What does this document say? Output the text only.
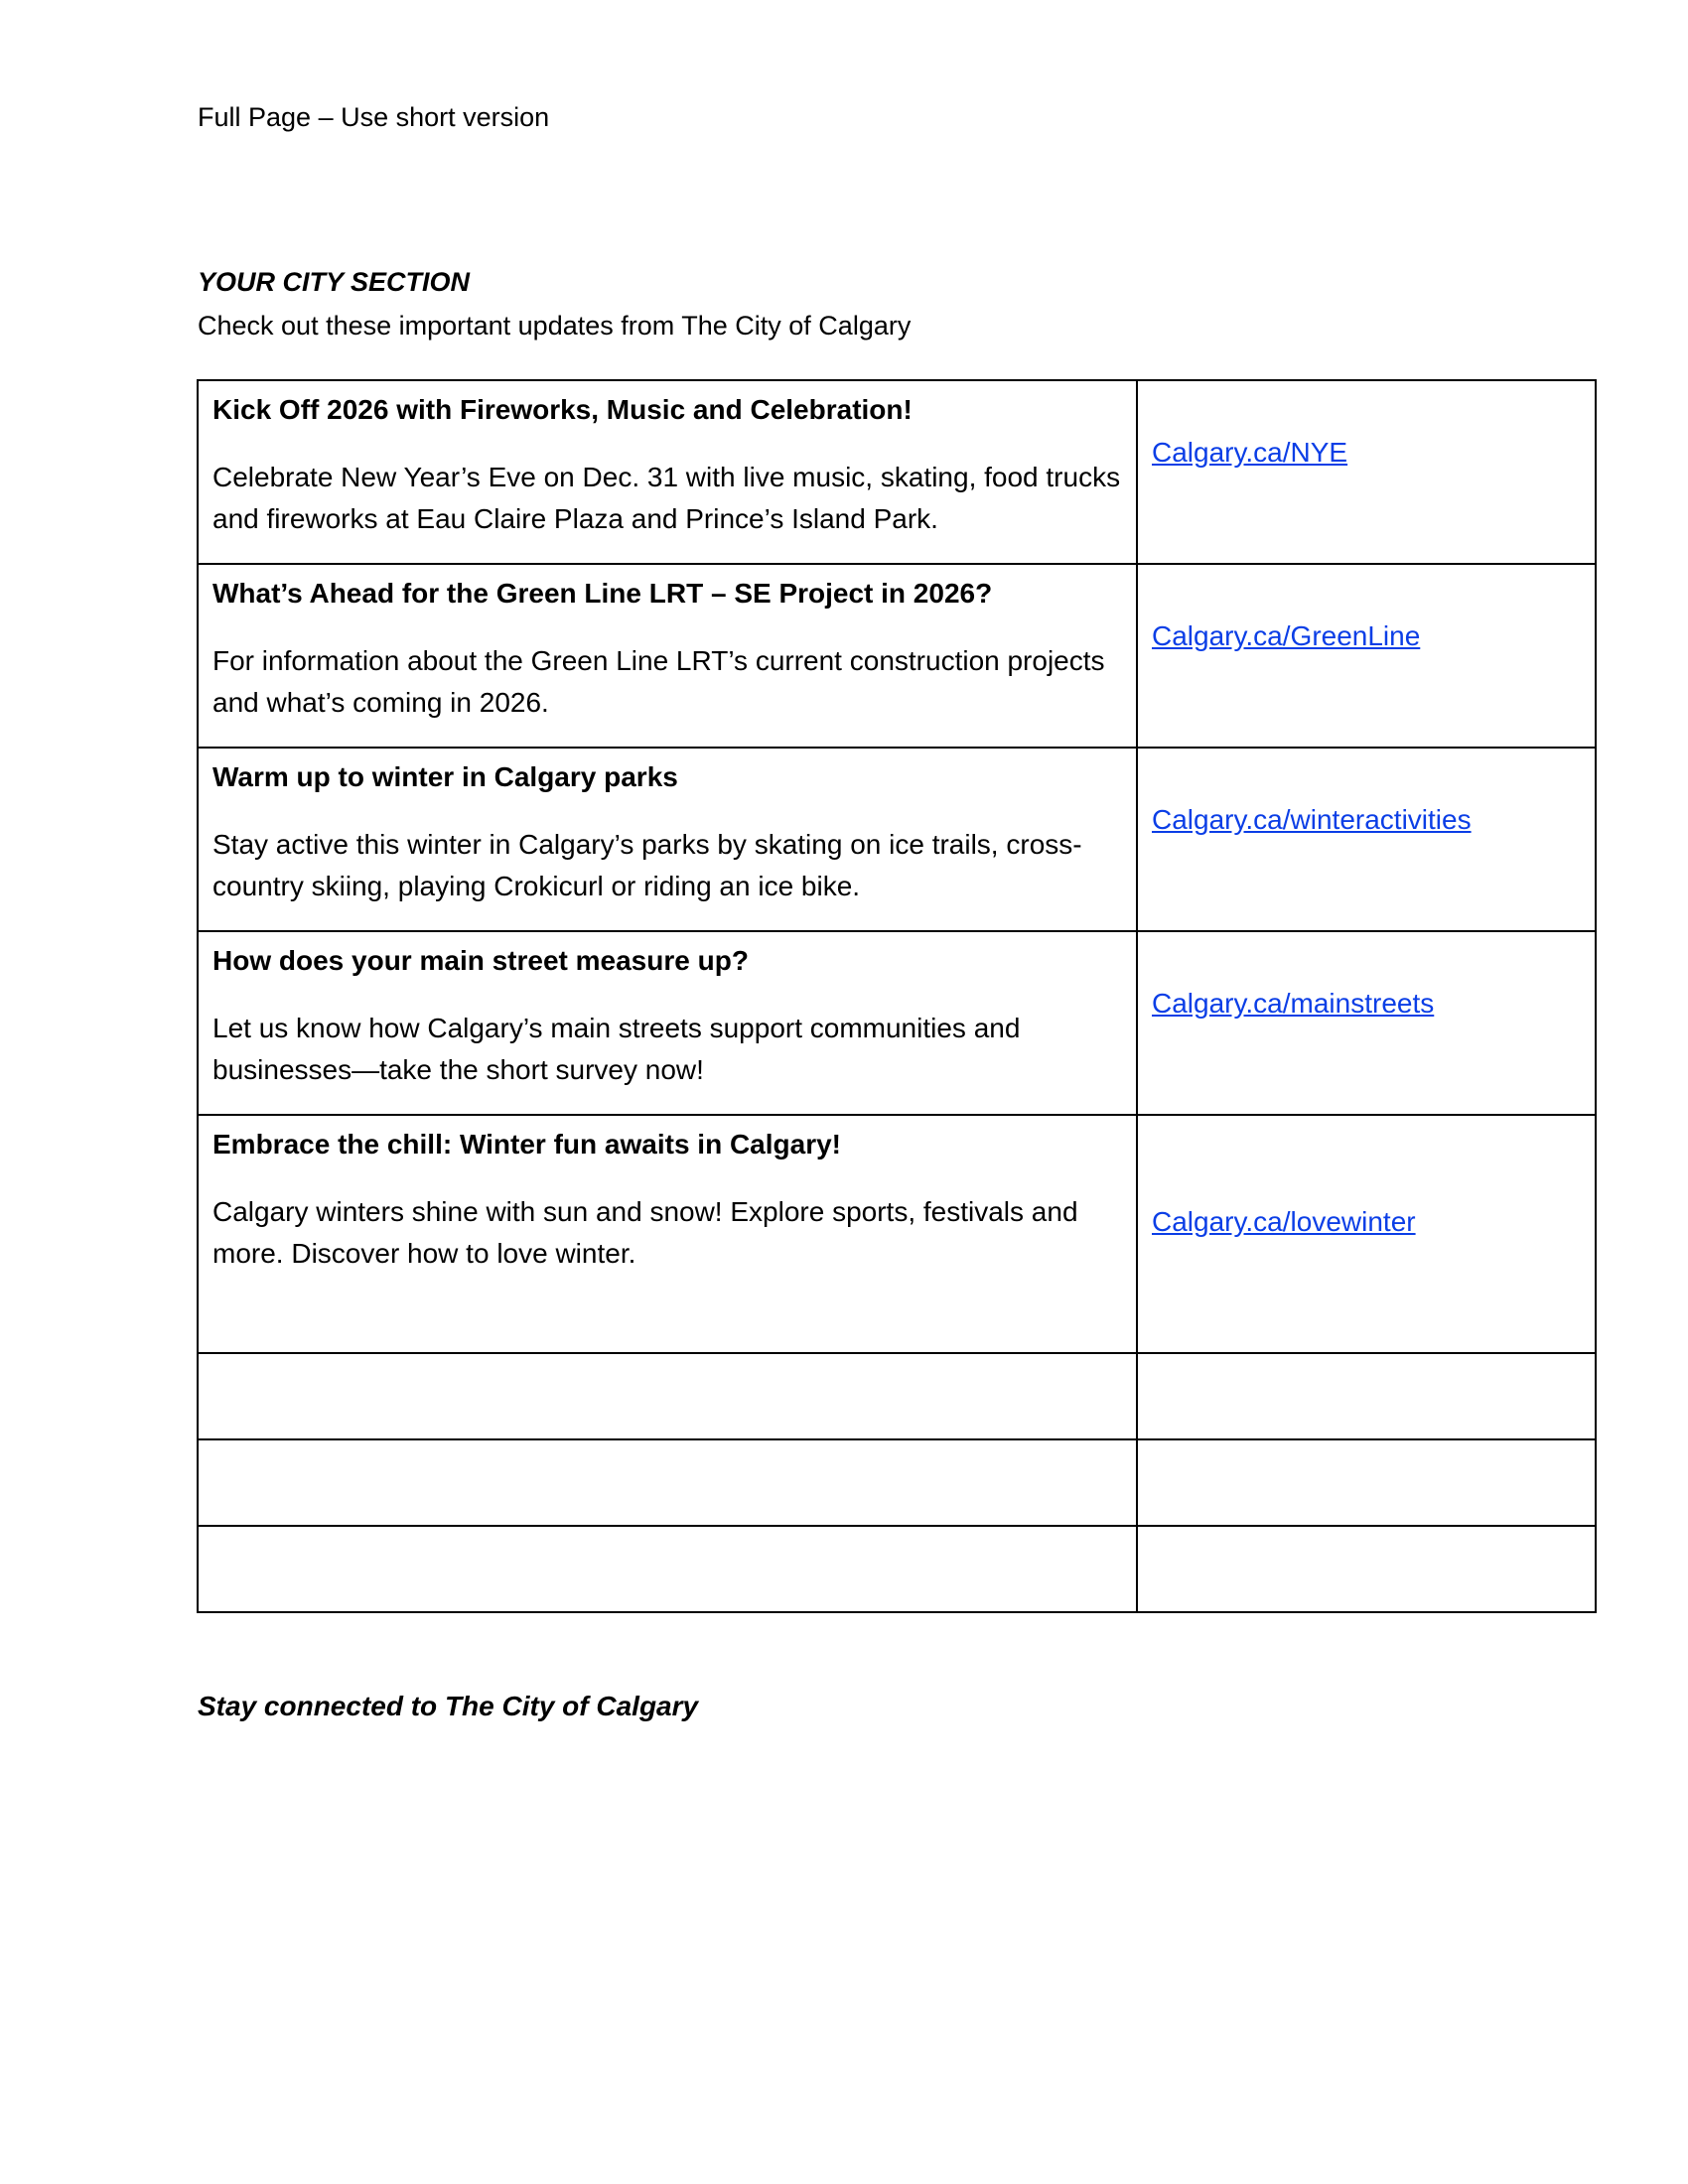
Full Page – Use short version
YOUR CITY SECTION
Check out these important updates from The City of Calgary
Kick Off 2026 with Fireworks, Music and Celebration!
Celebrate New Year’s Eve on Dec. 31 with live music, skating, food trucks and fireworks at Eau Claire Plaza and Prince’s Island Park.	Calgary.ca/NYE

What’s Ahead for the Green Line LRT – SE Project in 2026?
For information about the Green Line LRT’s current construction projects and what’s coming in 2026.	Calgary.ca/GreenLine

Warm up to winter in Calgary parks
Stay active this winter in Calgary’s parks by skating on ice trails, cross-country skiing, playing Crokicurl or riding an ice bike.	Calgary.ca/winteractivities

How does your main street measure up?
Let us know how Calgary’s main streets support communities and businesses—take the short survey now!	Calgary.ca/mainstreets

Embrace the chill: Winter fun awaits in Calgary!
Calgary winters shine with sun and snow! Explore sports, festivals and more. Discover how to love winter.	Calgary.ca/lovewinter

Stay connected to The City of Calgary
